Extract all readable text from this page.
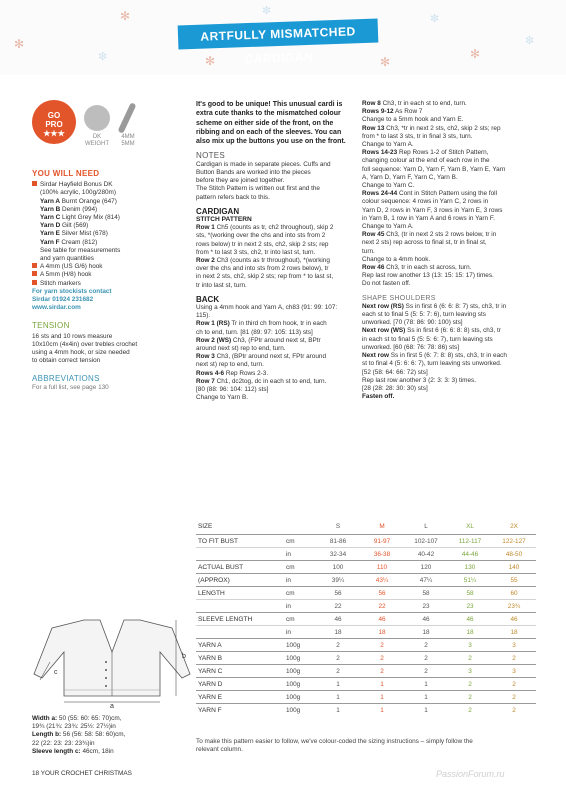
ARTFULLY MISMATCHED CARDIGAN
✻
✻
✼	✻
✼
✻
✼
✻
✼
GO
PRO
★★★	DK
WEIGHT
4MM
5MM
YOU WILL NEED
Sirdar Hayfield Bonus DK
(100% acrylic, 100g/280m)
Yarn A Burnt Orange (647)
Yarn B Denim (994)
Yarn C Light Grey Mix (814)
Yarn D Gilt (569)
Yarn E Silver Mist (678)
Yarn F Cream (812)
See table for measurements
and yarn quantities
A 4mm (US G/6) hook
A 5mm (H/8) hook
Stitch markers
For yarn stockists contact
Sirdar 01924 231682
www.sirdar.com
TENSION
16 sts and 10 rows measure
10x10cm (4x4in) over trebles crochet
using a 4mm hook, or size needed
to obtain correct tension
ABBREVIATIONS
For a full list, see page 130
It's good to be unique! This unusual cardi is
extra cute thanks to the mismatched colour
scheme on either side of the front, on the
ribbing and on each of the sleeves. You can
also mix up the buttons you use on the front.
NOTES
Cardigan is made in separate pieces. Cuffs and
Button Bands are worked into the pieces
before they are joined together.
The Stitch Pattern is written out first and the
pattern refers back to this.
CARDIGAN
STITCH PATTERN
Row 1 Ch5 (counts as tr, ch2 throughout), skip 2
sts, *(working over the chs and into sts from 2
rows below) tr in next 2 sts, ch2, skip 2 sts; rep
from * to last 3 sts, ch2, tr into last st, turn.
Row 2 Ch3 (counts as tr throughout), *(working
over the chs and into sts from 2 rows below), tr
in next 2 sts, ch2, skip 2 sts; rep from * to last st,
tr into last st, turn.
BACK
Using a 4mm hook and Yarn A, ch83 (91: 99: 107:
115).
Row 1 (RS) Tr in third ch from hook, tr in each
ch to end, turn. [81 (89: 97: 105: 113) sts]
Row 2 (WS) Ch3, (FPtr around next st, BPtr
around next st) rep to end, turn.
Row 3 Ch3, (BPtr around next st, FPtr around
next st) rep to end, turn.
Rows 4-6 Rep Rows 2-3.
Row 7 Ch1, dc2tog, dc in each st to end, turn.
[80 (88: 96: 104: 112) sts]
Change to Yarn B.
Row 8 Ch3, tr in each st to end, turn.
Rows 9-12 As Row 7
Change to a 5mm hook and Yarn E.
Row 13 Ch3, *tr in next 2 sts, ch2, skip 2 sts; rep
from * to last 3 sts, tr in final 3 sts, turn.
Change to Yarn A.
Rows 14-23 Rep Rows 1-2 of Stitch Pattern,
changing colour at the end of each row in the
foll sequence: Yarn D, Yarn F, Yarn B, Yarn E, Yarn
A, Yarn D, Yarn F, Yarn C, Yarn B.
Change to Yarn C.
Rows 24-44 Cont in Stitch Pattern using the foll
colour sequence: 4 rows in Yarn C, 2 rows in
Yarn D, 2 rows in Yarn F, 3 rows in Yarn E, 3 rows
in Yarn B, 1 row in Yarn A and 6 rows in Yarn F.
Change to Yarn A.
Row 45 Ch3, (tr in next 2 sts 2 rows below, tr in
next 2 sts) rep across to final st, tr in final st,
turn.
Change to a 4mm hook.
Row 46 Ch3, tr in each st across, turn.
Rep last row another 13 (13: 15: 15: 17) times.
Do not fasten off.
SHAPE SHOULDERS
Next row (RS) Ss in first 6 (6: 6: 8: 7) sts, ch3, tr in
each st to final 5 (5: 5: 7: 6), turn leaving sts
unworked. [70 (78: 86: 90: 100) sts]
Next row (WS) Ss in first 6 (6: 6: 8: 8) sts, ch3, tr
in each st to final 5 (5: 5: 6: 7), turn leaving sts
unworked. [60 (68: 76: 78: 86) sts]
Next row Ss in first 5 (6: 7: 8: 8) sts, ch3, tr in each
st to final 4 (5: 6: 6: 7), turn leaving sts unworked.
[52 (58: 64: 66: 72) sts]
Rep last row another 3 (2: 3: 3: 3) times.
[28 (28: 28: 30: 30) sts]
Fasten off.
SIZE	S	M	L	XL	2X
TO FIT BUST	cm	81-86	91-97	102-107	112-117	122-127
in	32-34	36-38	40-42	44-46	48-50
ACTUAL BUST	cm	100	110	120	130	140
(APPROX)	in	39¼	43¼	47¼	51¼	55
LENGTH	cm	56	56	58	58	60
in	22	22	23	23	23¾
SLEEVE LENGTH	cm	46	46	46	46	46
in	18	18	18	18	18
YARN A	100g	2	2	2	3	3
YARN B	100g	2	2	2	2	2
YARN C	100g	2	2	2	3	3
YARN D	100g	1	1	1	2	2
YARN E	100g	1	1	1	2	2
YARN F	100g	1	1	1	2	2
To make this pattern easier to follow, we've colour-coded the sizing instructions – simply follow the
relevant column.
a
b
c
Width a: 50 (55: 60: 65: 70)cm,
19¾ (21¾: 23¾: 25½: 27½)in
Length b: 56 (56: 58: 58: 60)cm,
22 (22: 23: 23: 23¾)in
Sleeve length c: 46cm, 18in
18 YOUR CROCHET CHRISTMAS	PassionForum.ru
